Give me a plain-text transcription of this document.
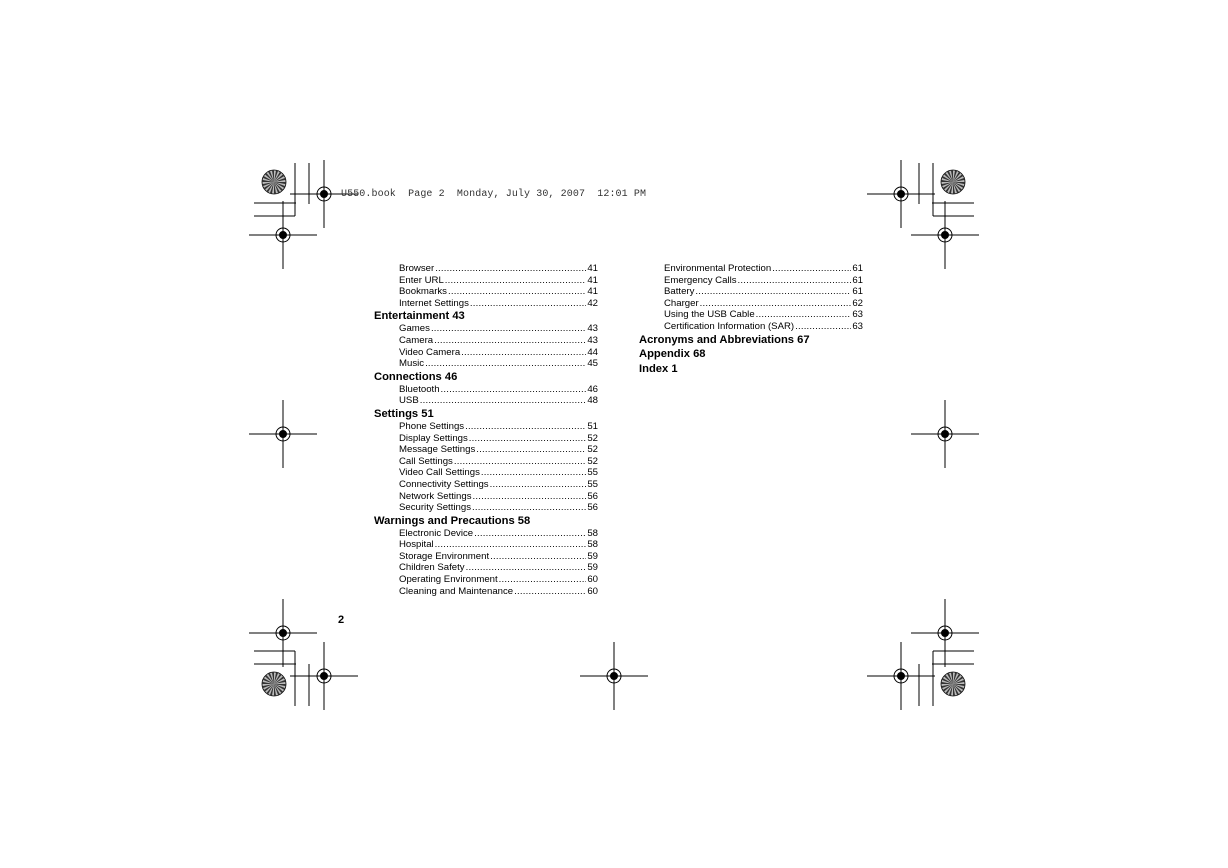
U550.book  Page 2  Monday, July 30, 2007  12:01 PM
Browser .....	41
Enter URL .....	41
Bookmarks .....	41
Internet Settings .....	42
Entertainment 43
Games .....	43
Camera .....	43
Video Camera .....	44
Music .....	45
Connections 46
Bluetooth .....	46
USB .....	48
Settings 51
Phone Settings .....	51
Display Settings .....	52
Message Settings .....	52
Call Settings .....	52
Video Call Settings .....	55
Connectivity Settings .....	55
Network Settings .....	56
Security Settings .....	56
Warnings and Precautions 58
Electronic Device .....	58
Hospital .....	58
Storage Environment .....	59
Children Safety .....	59
Operating Environment .....	60
Cleaning and Maintenance .....	60
Environmental Protection .....	61
Emergency Calls .....	61
Battery .....	61
Charger .....	62
Using the USB Cable .....	63
Certification Information (SAR) .....	63
Acronyms and Abbreviations 67
Appendix 68
Index 1
2
